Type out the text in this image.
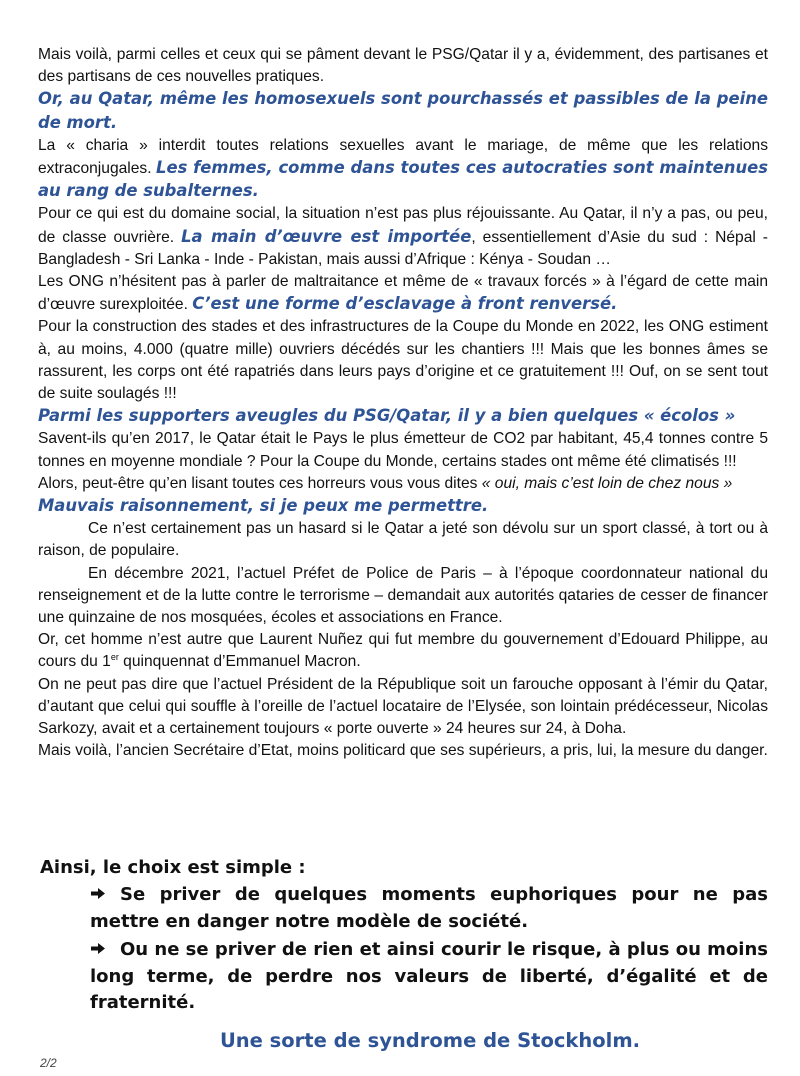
Mais voilà, parmi celles et ceux qui se pâment devant le PSG/Qatar il y a, évidemment, des partisanes et des partisans de ces nouvelles pratiques.

Or, au Qatar, même les homosexuels sont pourchassés et passibles de la peine de mort.

La « charia » interdit toutes relations sexuelles avant le mariage, de même que les relations extraconjugales. Les femmes, comme dans toutes ces autocraties sont maintenues au rang de subalternes.

Pour ce qui est du domaine social, la situation n’est pas plus réjouissante. Au Qatar, il n’y a pas, ou peu, de classe ouvrière. La main d’œuvre est importée, essentiellement d’Asie du sud : Népal - Bangladesh - Sri Lanka - Inde - Pakistan, mais aussi d’Afrique : Kénya - Soudan …

Les ONG n’hésitent pas à parler de maltraitance et même de « travaux forcés » à l’égard de cette main d’œuvre surexploitée. C’est une forme d’esclavage à front renversé.

Pour la construction des stades et des infrastructures de la Coupe du Monde en 2022, les ONG estiment à, au moins, 4.000 (quatre mille) ouvriers décédés sur les chantiers !!! Mais que les bonnes âmes se rassurent, les corps ont été rapatriés dans leurs pays d’origine et ce gratuitement !!! Ouf, on se sent tout de suite soulagés !!!

Parmi les supporters aveugles du PSG/Qatar, il y a bien quelques « écolos »

Savent-ils qu’en 2017, le Qatar était le Pays le plus émetteur de CO2 par habitant, 45,4 tonnes contre 5 tonnes en moyenne mondiale ? Pour la Coupe du Monde, certains stades ont même été climatisés !!!

Alors, peut-être qu’en lisant toutes ces horreurs vous vous dites « oui, mais c’est loin de chez nous »

Mauvais raisonnement, si je peux me permettre.

Ce n’est certainement pas un hasard si le Qatar a jeté son dévolu sur un sport classé, à tort ou à raison, de populaire.

En décembre 2021, l’actuel Préfet de Police de Paris – à l’époque coordonnateur national du renseignement et de la lutte contre le terrorisme – demandait aux autorités qataries de cesser de financer une quinzaine de nos mosquées, écoles et associations en France.

Or, cet homme n’est autre que Laurent Nuñez qui fut membre du gouvernement d’Edouard Philippe, au cours du 1er quinquennat d’Emmanuel Macron.

On ne peut pas dire que l’actuel Président de la République soit un farouche opposant à l’émir du Qatar, d’autant que celui qui souffle à l’oreille de l’actuel locataire de l’Elysée, son lointain prédécesseur, Nicolas Sarkozy, avait et a certainement toujours « porte ouverte » 24 heures sur 24, à Doha.

Mais voilà, l’ancien Secrétaire d’Etat, moins politicard que ses supérieurs, a pris, lui, la mesure du danger.

Ainsi, le choix est simple :

Se priver de quelques moments euphoriques pour ne pas mettre en danger notre modèle de société.

Ou ne se priver de rien et ainsi courir le risque, à plus ou moins long terme, de perdre nos valeurs de liberté, d’égalité et de fraternité.

Une sorte de syndrome de Stockholm.
2/2
